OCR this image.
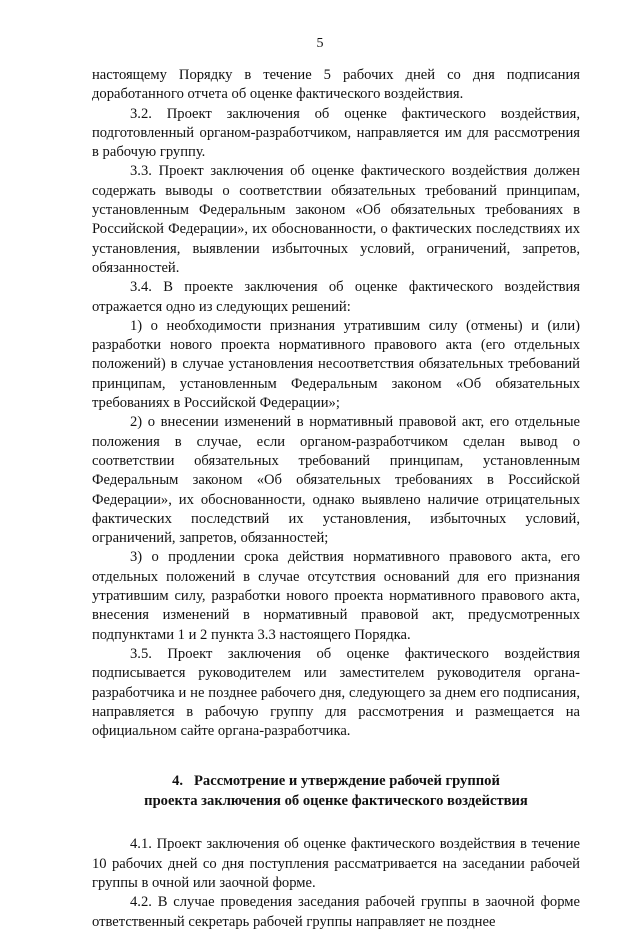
5

настоящему Порядку в течение 5 рабочих дней со дня подписания доработанного отчета об оценке фактического воздействия.

3.2. Проект заключения об оценке фактического воздействия, подготовленный органом-разработчиком, направляется им для рассмотрения в рабочую группу.

3.3. Проект заключения об оценке фактического воздействия должен содержать выводы о соответствии обязательных требований принципам, установленным Федеральным законом «Об обязательных требованиях в Российской Федерации», их обоснованности, о фактических последствиях их установления, выявлении избыточных условий, ограничений, запретов, обязанностей.

3.4. В проекте заключения об оценке фактического воздействия отражается одно из следующих решений:

1) о необходимости признания утратившим силу (отмены) и (или) разработки нового проекта нормативного правового акта (его отдельных положений) в случае установления несоответствия обязательных требований принципам, установленным Федеральным законом «Об обязательных требованиях в Российской Федерации»;

2) о внесении изменений в нормативный правовой акт, его отдельные положения в случае, если органом-разработчиком сделан вывод о соответствии обязательных требований принципам, установленным Федеральным законом «Об обязательных требованиях в Российской Федерации», их обоснованности, однако выявлено наличие отрицательных фактических последствий их установления, избыточных условий, ограничений, запретов, обязанностей;

3) о продлении срока действия нормативного правового акта, его отдельных положений в случае отсутствия оснований для его признания утратившим силу, разработки нового проекта нормативного правового акта, внесения изменений в нормативный правовой акт, предусмотренных подпунктами 1 и 2 пункта 3.3 настоящего Порядка.

3.5. Проект заключения об оценке фактического воздействия подписывается руководителем или заместителем руководителя органа-разработчика и не позднее рабочего дня, следующего за днем его подписания, направляется в рабочую группу для рассмотрения и размещается на официальном сайте органа-разработчика.

4.   Рассмотрение и утверждение рабочей группой
проекта заключения об оценке фактического воздействия

4.1. Проект заключения об оценке фактического воздействия в течение 10 рабочих дней со дня поступления рассматривается на заседании рабочей группы в очной или заочной форме.

4.2. В случае проведения заседания рабочей группы в заочной форме ответственный секретарь рабочей группы направляет не позднее
